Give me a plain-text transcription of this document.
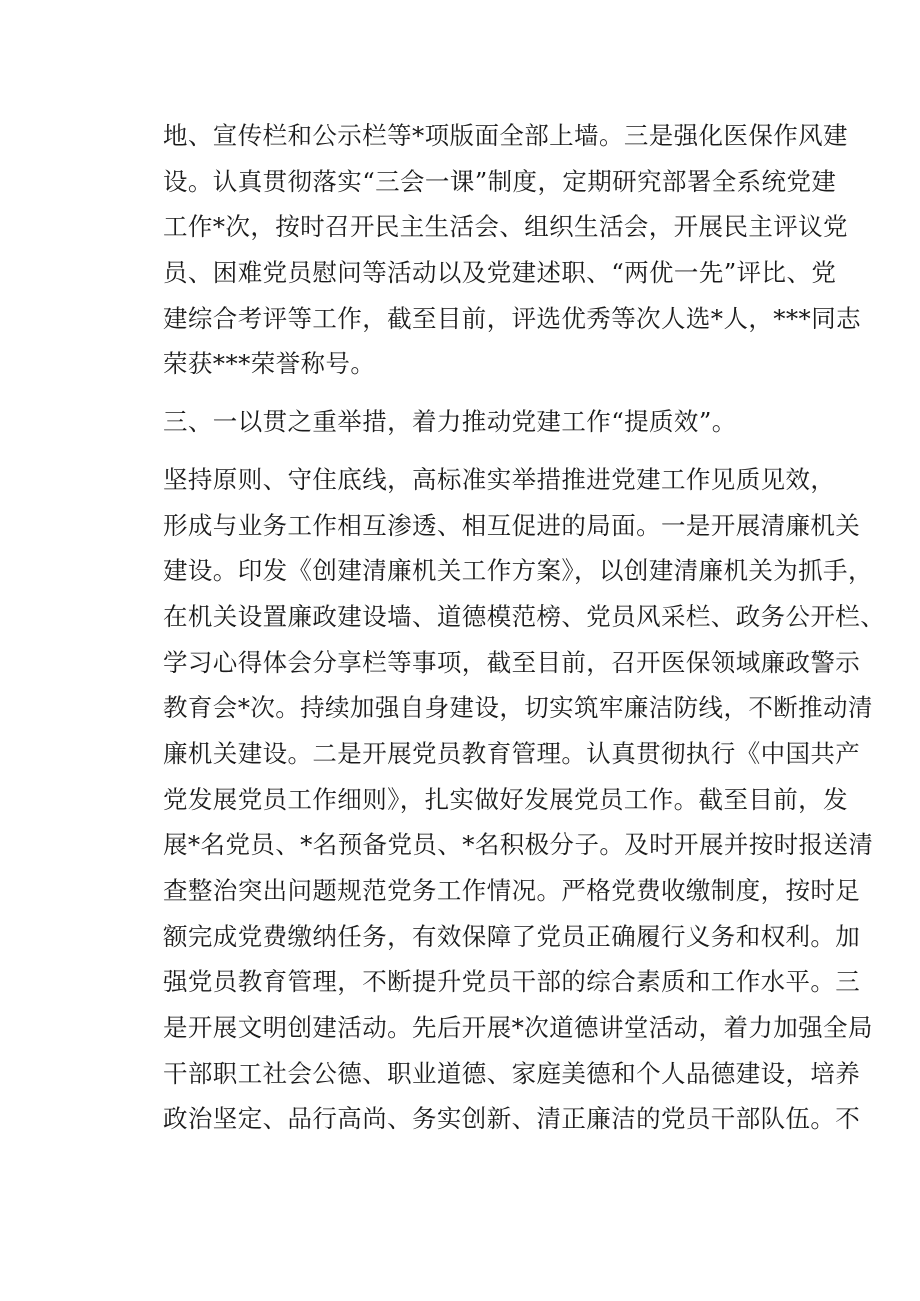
地、宣传栏和公示栏等*项版面全部上墙。三是强化医保作风建
设。认真贯彻落实“三会一课”制度，定期研究部署全系统党建
工作*次，按时召开民主生活会、组织生活会，开展民主评议党
员、困难党员慰问等活动以及党建述职、“两优一先”评比、党
建综合考评等工作，截至目前，评选优秀等次人选*人，***同志
荣获***荣誉称号。
三、一以贯之重举措，着力推动党建工作“提质效”。
坚持原则、守住底线，高标准实举措推进党建工作见质见效，
形成与业务工作相互渗透、相互促进的局面。一是开展清廉机关
建设。印发《创建清廉机关工作方案》，以创建清廉机关为抓手，
在机关设置廉政建设墙、道德模范榜、党员风采栏、政务公开栏、
学习心得体会分享栏等事项，截至目前，召开医保领域廉政警示
教育会*次。持续加强自身建设，切实筑牢廉洁防线，不断推动清
廉机关建设。二是开展党员教育管理。认真贯彻执行《中国共产
党发展党员工作细则》，扎实做好发展党员工作。截至目前，发
展*名党员、*名预备党员、*名积极分子。及时开展并按时报送清
查整治突出问题规范党务工作情况。严格党费收缴制度，按时足
额完成党费缴纳任务，有效保障了党员正确履行义务和权利。加
强党员教育管理，不断提升党员干部的综合素质和工作水平。三
是开展文明创建活动。先后开展*次道德讲堂活动，着力加强全局
干部职工社会公德、职业道德、家庭美德和个人品德建设，培养
政治坚定、品行高尚、务实创新、清正廉洁的党员干部队伍。不
